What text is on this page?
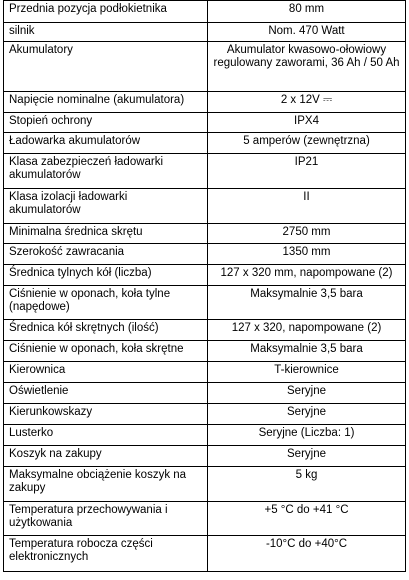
Przednia pozycja podłokietnika	80 mm
silnik	Nom. 470 Watt
Akumulatory	Akumulator kwasowo-ołowiowy regulowany zaworami, 36 Ah / 50 Ah
Napięcie nominalne (akumulatora)	2 x 12V ⎓
Stopień ochrony	IPX4
Ładowarka akumulatorów	5 amperów (zewnętrzna)
Klasa zabezpieczeń ładowarki akumulatorów	IP21
Klasa izolacji ładowarki akumulatorów	II
Minimalna średnica skrętu	2750 mm
Szerokość zawracania	1350 mm
Średnica tylnych kół (liczba)	127 x 320 mm, napompowane (2)
Ciśnienie w oponach, koła tylne (napędowe)	Maksymalnie 3,5 bara
Średnica kół skrętnych (ilość)	127 x 320, napompowane (2)
Ciśnienie w oponach, koła skrętne	Maksymalnie 3,5 bara
Kierownica	T-kierownice
Oświetlenie	Seryjne
Kierunkowskazy	Seryjne
Lusterko	Seryjne (Liczba: 1)
Koszyk na zakupy	Seryjne
Maksymalne obciążenie koszyk na zakupy	5 kg
Temperatura przechowywania i użytkowania	+5 °C do +41 °C
Temperatura robocza części elektronicznych	-10°C do +40°C
